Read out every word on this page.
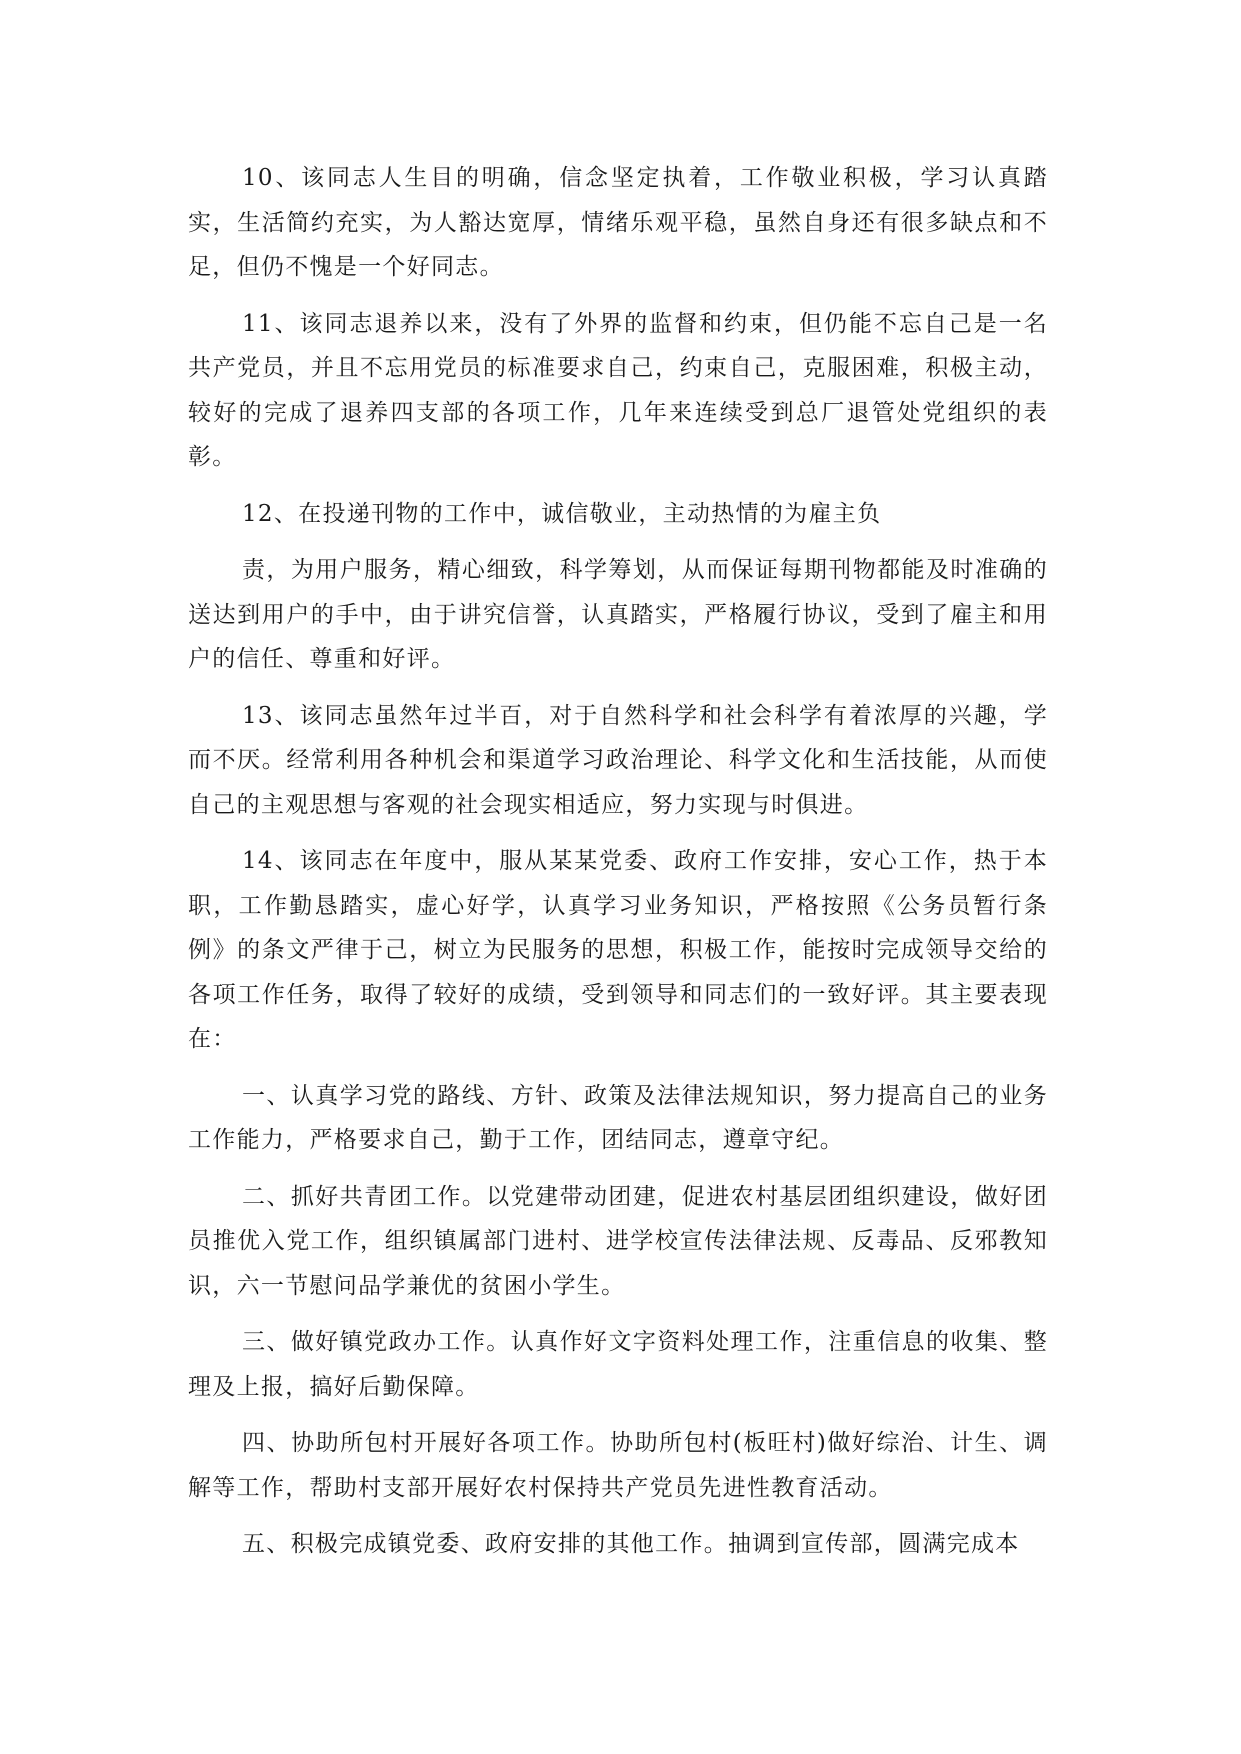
10、该同志人生目的明确，信念坚定执着，工作敬业积极，学习认真踏实，生活简约充实，为人豁达宽厚，情绪乐观平稳，虽然自身还有很多缺点和不足，但仍不愧是一个好同志。

11、该同志退养以来，没有了外界的监督和约束，但仍能不忘自己是一名共产党员，并且不忘用党员的标准要求自己，约束自己，克服困难，积极主动，较好的完成了退养四支部的各项工作，几年来连续受到总厂退管处党组织的表彰。

12、在投递刊物的工作中，诚信敬业，主动热情的为雇主负

责，为用户服务，精心细致，科学筹划，从而保证每期刊物都能及时准确的送达到用户的手中，由于讲究信誉，认真踏实，严格履行协议，受到了雇主和用户的信任、尊重和好评。

13、该同志虽然年过半百，对于自然科学和社会科学有着浓厚的兴趣，学而不厌。经常利用各种机会和渠道学习政治理论、科学文化和生活技能，从而使自己的主观思想与客观的社会现实相适应，努力实现与时俱进。

14、该同志在年度中，服从某某党委、政府工作安排，安心工作，热于本职，工作勤恳踏实，虚心好学，认真学习业务知识，严格按照《公务员暂行条例》的条文严律于己，树立为民服务的思想，积极工作，能按时完成领导交给的各项工作任务，取得了较好的成绩，受到领导和同志们的一致好评。其主要表现在：

一、认真学习党的路线、方针、政策及法律法规知识，努力提高自己的业务工作能力，严格要求自己，勤于工作，团结同志，遵章守纪。

二、抓好共青团工作。以党建带动团建，促进农村基层团组织建设，做好团员推优入党工作，组织镇属部门进村、进学校宣传法律法规、反毒品、反邪教知识，六一节慰问品学兼优的贫困小学生。

三、做好镇党政办工作。认真作好文字资料处理工作，注重信息的收集、整理及上报，搞好后勤保障。

四、协助所包村开展好各项工作。协助所包村(板旺村)做好综治、计生、调解等工作，帮助村支部开展好农村保持共产党员先进性教育活动。

五、积极完成镇党委、政府安排的其他工作。抽调到宣传部，圆满完成本
